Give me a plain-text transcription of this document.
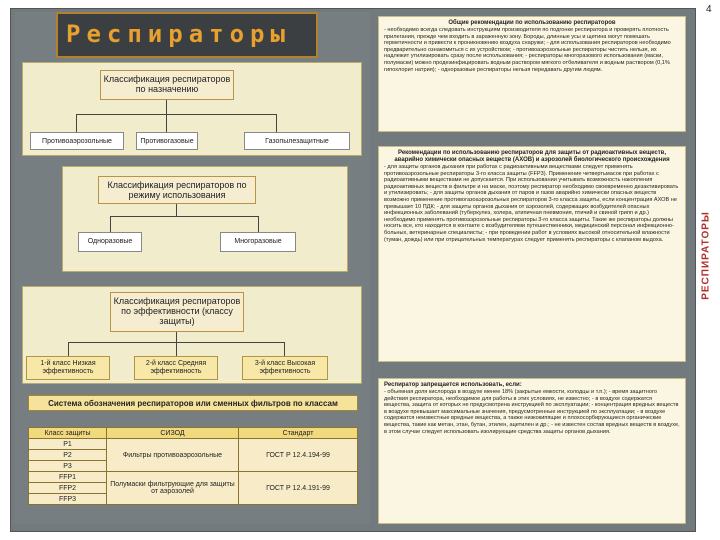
4
Респираторы
Классификация респираторов по назначению
Противоаэрозольные	Противогазовые	Газопылезащитные
Классификация респираторов по режиму использования
Одноразовые	Многоразовые
Классификация респираторов по эффективности (классу защиты)
1-й класс Низкая эффективность
2-й класс Средняя эффективность
3-й класс Высокая эффективность
Система обозначения респираторов или сменных фильтров по классам
Класс защиты	СИЗОД	Стандарт
P1	Фильтры противоаэрозольные	ГОСТ Р 12.4.194-99
P2		
P3		
FFP1	Полумаски фильтрующие для защиты от аэрозолей	ГОСТ Р 12.4.191-99
FFP2		
FFP3		
Общие рекомендации по использованию респираторов
- необходимо всегда следовать инструкциям производителя по подгонке респиратора и проверять плотность прилегания, прежде чем входить в зараженную зону. Бороды, длинные усы и щетина могут помешать герметичности и привести к проникновению воздуха снаружи; - для использования респираторов необходимо предварительно ознакомиться с их устройством; - противоаэрозольные респираторы чистить нельзя, их надлежит утилизировать сразу после использования; - респираторы многоразового использования (маски, полумаски) можно продезинфицировать водным раствором мягкого отбеливателя и водным раствором (0,1% гипохлорит натрия); - одноразовые респираторы нельзя передавать другим людям.
Рекомендации по использованию респираторов для защиты от радиоактивных веществ, аварийно химически опасных веществ (АХОВ) и аэрозолей биологического происхождения
- для защиты органов дыхания при работах с радиоактивными веществами следует применять противоаэрозольные респираторы 3-го класса защиты (FFP3). Применение четвертьмасок при работах с радиоактивными веществами не допускается. При использовании учитывать возможность накопления радиоактивных веществ в фильтре и на маске, поэтому респиратор необходимо своевременно дезактивировать и утилизировать; - для защиты органов дыхания от паров и газов аварийно химически опасных веществ возможно применение противогазоаэрозольных респираторов 3-го класса защиты, если концентрация АХОВ не превышает 10 ПДК; - для защиты органов дыхания от аэрозолей, содержащих возбудителей опасных инфекционных заболеваний (туберкулез, холера, атипичная пневмония, птичий и свиной грипп и др.) необходимо применять противоаэрозольные респираторы 3-го класса защиты. Такие же респираторы должны носить все, кто находится в контакте с возбудителями путешественники, медицинский персонал инфекционно-больных, ветеринарные специалисты; - при проведении работ в условиях высокой относительной влажности (туман, дождь) или при отрицательных температурах следует применять респираторы с клапаном выдоха.
Респиратор запрещается использовать, если:
- объемная доля кислорода в воздухе менее 18% (закрытые емкости, колодцы и т.п.); - время защитного действия респиратора, необходимое для работы в этих условиях, не известно; - в воздухе содержатся вещества, защита от которых не предусмотрена инструкцией по эксплуатации; - концентрация вредных веществ в воздухе превышает максимальные значения, предусмотренные инструкцией по эксплуатации; - в воздухе содержатся неизвестные вредные вещества, а также низкокипящие и плохосорбирующиеся органические вещества, такие как метан, этан, бутан, этилен, ацетилен и др.; - не известен состав вредных веществ в воздухе, в этом случае следует использовать изолирующие средства защиты органов дыхания.
РЕСПИРАТОРЫ
